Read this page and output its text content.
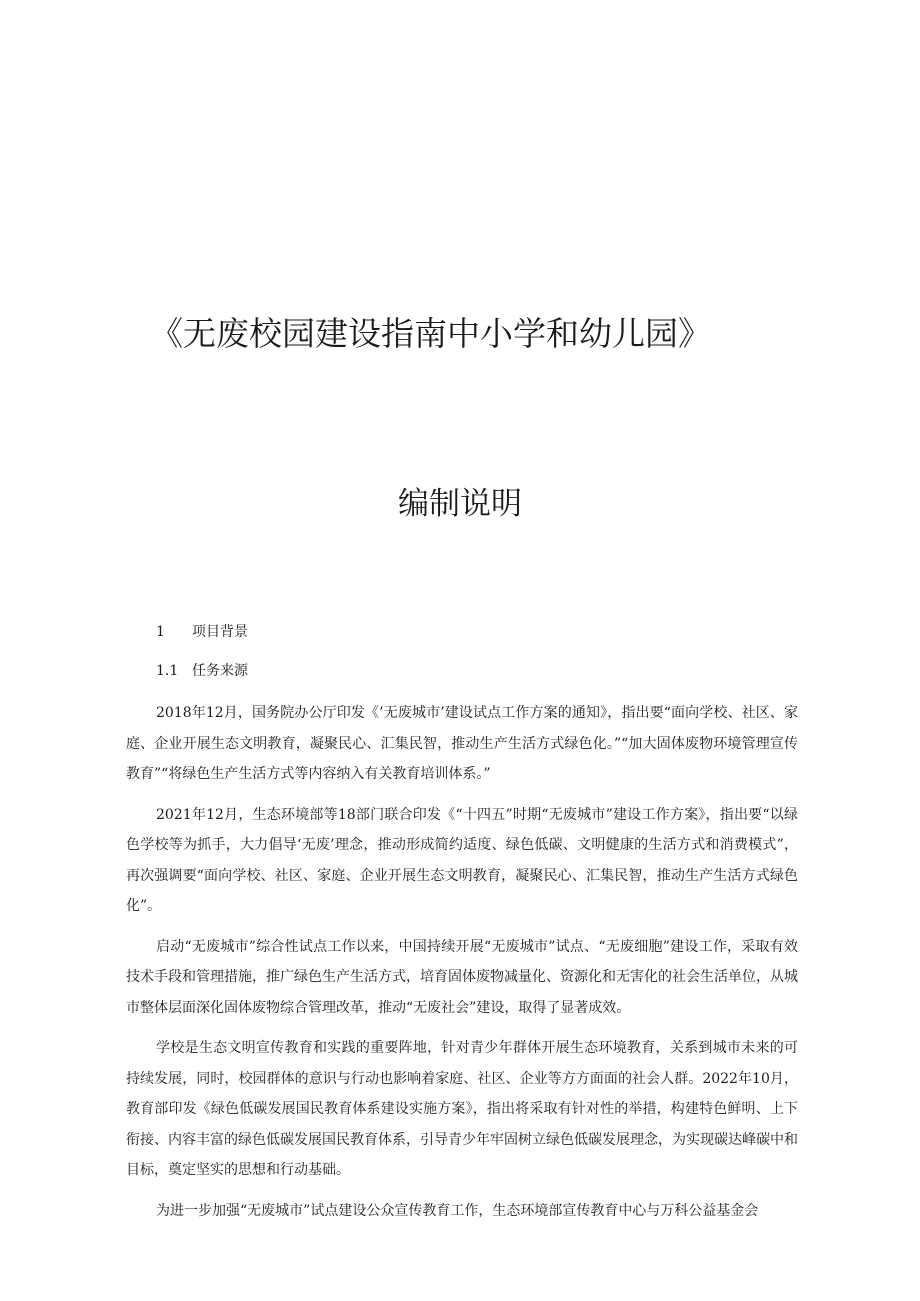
《无废校园建设指南中小学和幼儿园》
编制说明
1 项目背景
1.1 任务来源

2018年12月，国务院办公厅印发《’无废城市’建设试点工作方案的通知》，指出要“面向学校、社区、家庭、企业开展生态文明教育，凝聚民心、汇集民智，推动生产生活方式绿色化。”“加大固体废物环境管理宣传教育”“将绿色生产生活方式等内容纳入有关教育培训体系。”

2021年12月，生态环境部等18部门联合印发《“十四五”时期“无废城市”建设工作方案》，指出要“以绿色学校等为抓手，大力倡导‘无废’理念，推动形成简约适度、绿色低碳、文明健康的生活方式和消费模式”，再次强调要“面向学校、社区、家庭、企业开展生态文明教育，凝聚民心、汇集民智，推动生产生活方式绿色化”。

启动“无废城市”综合性试点工作以来，中国持续开展“无废城市”试点、“无废细胞”建设工作，采取有效技术手段和管理措施，推广绿色生产生活方式，培育固体废物减量化、资源化和无害化的社会生活单位，从城市整体层面深化固体废物综合管理改革，推动“无废社会”建设，取得了显著成效。

学校是生态文明宣传教育和实践的重要阵地，针对青少年群体开展生态环境教育，关系到城市未来的可持续发展，同时，校园群体的意识与行动也影响着家庭、社区、企业等方方面面的社会人群。2022年10月，教育部印发《绿色低碳发展国民教育体系建设实施方案》，指出将采取有针对性的举措，构建特色鲜明、上下衔接、内容丰富的绿色低碳发展国民教育体系，引导青少年牢固树立绿色低碳发展理念，为实现碳达峰碳中和目标，奠定坚实的思想和行动基础。

为进一步加强“无废城市”试点建设公众宣传教育工作，生态环境部宣传教育中心与万科公益基金会
